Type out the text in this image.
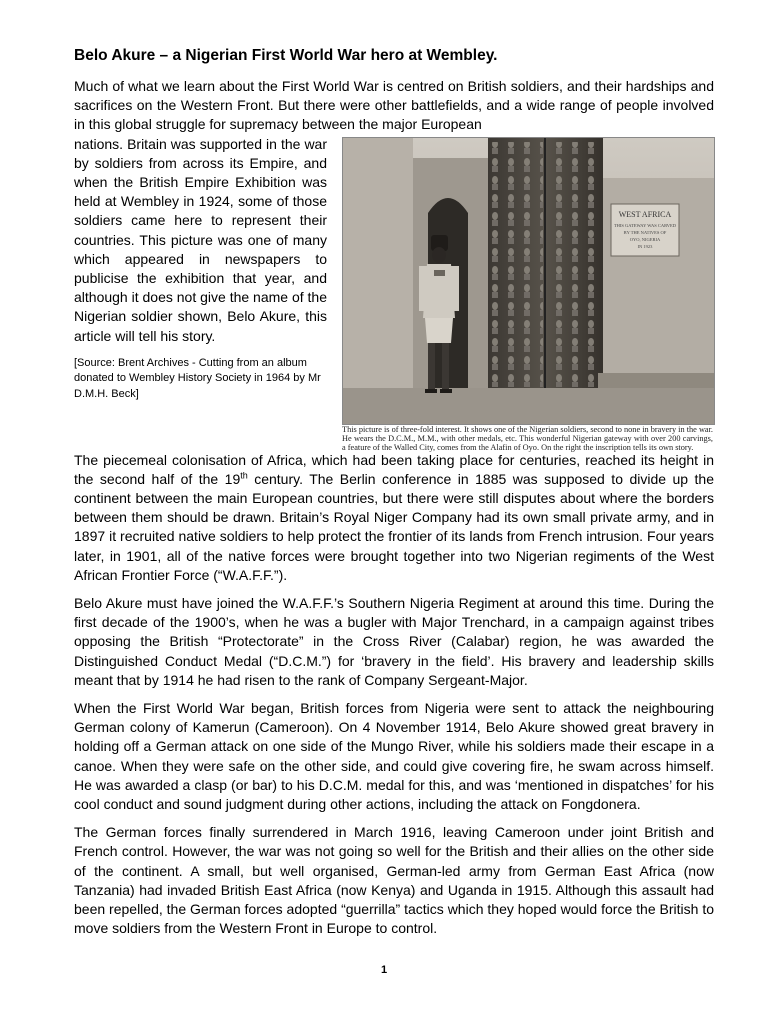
Belo Akure – a Nigerian First World War hero at Wembley.

Much of what we learn about the First World War is centred on British soldiers, and their hardships and sacrifices on the Western Front. But there were other battlefields, and a wide range of people involved in this global struggle for supremacy between the major European

nations. Britain was supported in the war by soldiers from across its Empire, and when the British Empire Exhibition was held at Wembley in 1924, some of those soldiers came here to represent their countries. This picture was one of many which appeared in newspapers to publicise the exhibition that year, and although it does not give the name of the Nigerian soldier shown, Belo Akure, this article will tell his story.

[Source: Brent Archives - Cutting from an album donated to Wembley History Society in 1964 by Mr D.M.H. Beck]

WEST AFRICA
THIS GATEWAY WAS CARVED
BY THE NATIVES OF
OYO, NIGERIA
IN 1923

This picture is of three-fold interest. It shows one of the Nigerian soldiers, second to none in bravery in the war. He wears the D.C.M., M.M., with other medals, etc. This wonderful Nigerian gateway with over 200 carvings, a feature of the Walled City, comes from the Alafin of Oyo. On the right the inscription tells its own story.

The piecemeal colonisation of Africa, which had been taking place for centuries, reached its height in the second half of the 19th century. The Berlin conference in 1885 was supposed to divide up the continent between the main European countries, but there were still disputes about where the borders between them should be drawn. Britain’s Royal Niger Company had its own small private army, and in 1897 it recruited native soldiers to help protect the frontier of its lands from French intrusion. Four years later, in 1901, all of the native forces were brought together into two Nigerian regiments of the West African Frontier Force (“W.A.F.F.”).

Belo Akure must have joined the W.A.F.F.’s Southern Nigeria Regiment at around this time. During the first decade of the 1900’s, when he was a bugler with Major Trenchard, in a campaign against tribes opposing the British “Protectorate” in the Cross River (Calabar) region, he was awarded the Distinguished Conduct Medal (“D.C.M.”) for ‘bravery in the field’. His bravery and leadership skills meant that by 1914 he had risen to the rank of Company Sergeant-Major.

When the First World War began, British forces from Nigeria were sent to attack the neighbouring German colony of Kamerun (Cameroon). On 4 November 1914, Belo Akure showed great bravery in holding off a German attack on one side of the Mungo River, while his soldiers made their escape in a canoe. When they were safe on the other side, and could give covering fire, he swam across himself. He was awarded a clasp (or bar) to his D.C.M. medal for this, and was ‘mentioned in dispatches’ for his cool conduct and sound judgment during other actions, including the attack on Fongdonera.

The German forces finally surrendered in March 1916, leaving Cameroon under joint British and French control. However, the war was not going so well for the British and their allies on the other side of the continent. A small, but well organised, German-led army from German East Africa (now Tanzania) had invaded British East Africa (now Kenya) and Uganda in 1915. Although this assault had been repelled, the German forces adopted “guerrilla” tactics which they hoped would force the British to move soldiers from the Western Front in Europe to control.

1
